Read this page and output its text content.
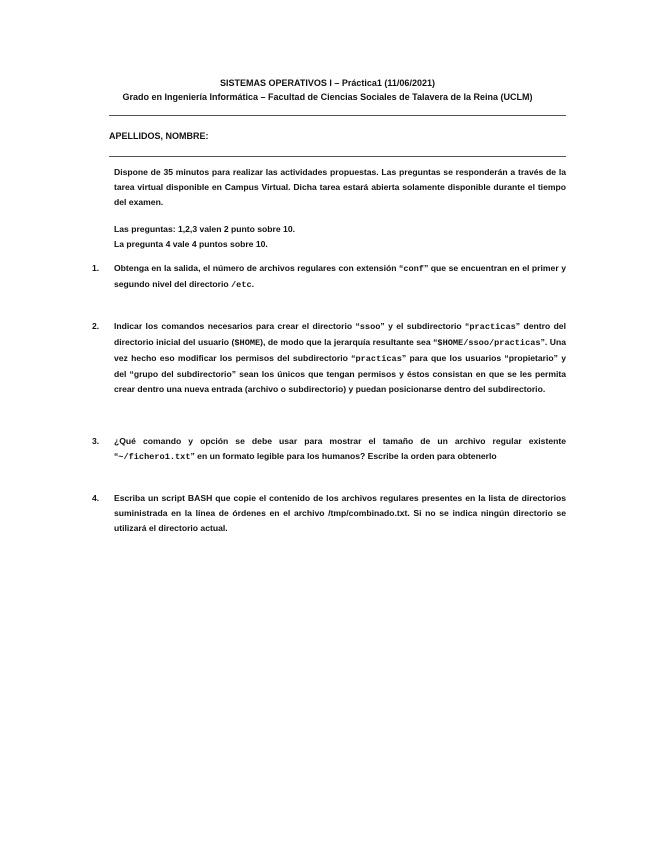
SISTEMAS OPERATIVOS I – Práctica1 (11/06/2021)
Grado en Ingeniería Informática – Facultad de Ciencias Sociales de Talavera de la Reina (UCLM)
APELLIDOS, NOMBRE:
Dispone de 35 minutos para realizar las actividades propuestas. Las preguntas se responderán a través de la tarea virtual disponible en Campus Virtual. Dicha tarea estará abierta solamente disponible durante el tiempo del examen.
Las preguntas: 1,2,3 valen 2 punto sobre 10.
La pregunta 4 vale 4 puntos sobre 10.
1.	Obtenga en la salida, el número de archivos regulares con extensión “conf” que se encuentran en el primer y segundo nivel del directorio /etc.
2.	Indicar los comandos necesarios para crear el directorio “ssoo” y el subdirectorio “practicas” dentro del directorio inicial del usuario ($HOME), de modo que la jerarquía resultante sea “$HOME/ssoo/practicas”. Una vez hecho eso modificar los permisos del subdirectorio “practicas” para que los usuarios “propietario” y del “grupo del subdirectorio” sean los únicos que tengan permisos y éstos consistan en que se les permita crear dentro una nueva entrada (archivo o subdirectorio) y puedan posicionarse dentro del subdirectorio.
3.	¿Qué comando y opción se debe usar para mostrar el tamaño de un archivo regular existente “~/fichero1.txt” en un formato legible para los humanos? Escribe la orden para obtenerlo
4.	Escriba un script BASH que copie el contenido de los archivos regulares presentes en la lista de directorios suministrada en la línea de órdenes en el archivo /tmp/combinado.txt. Si no se indica ningún directorio se utilizará el directorio actual.
